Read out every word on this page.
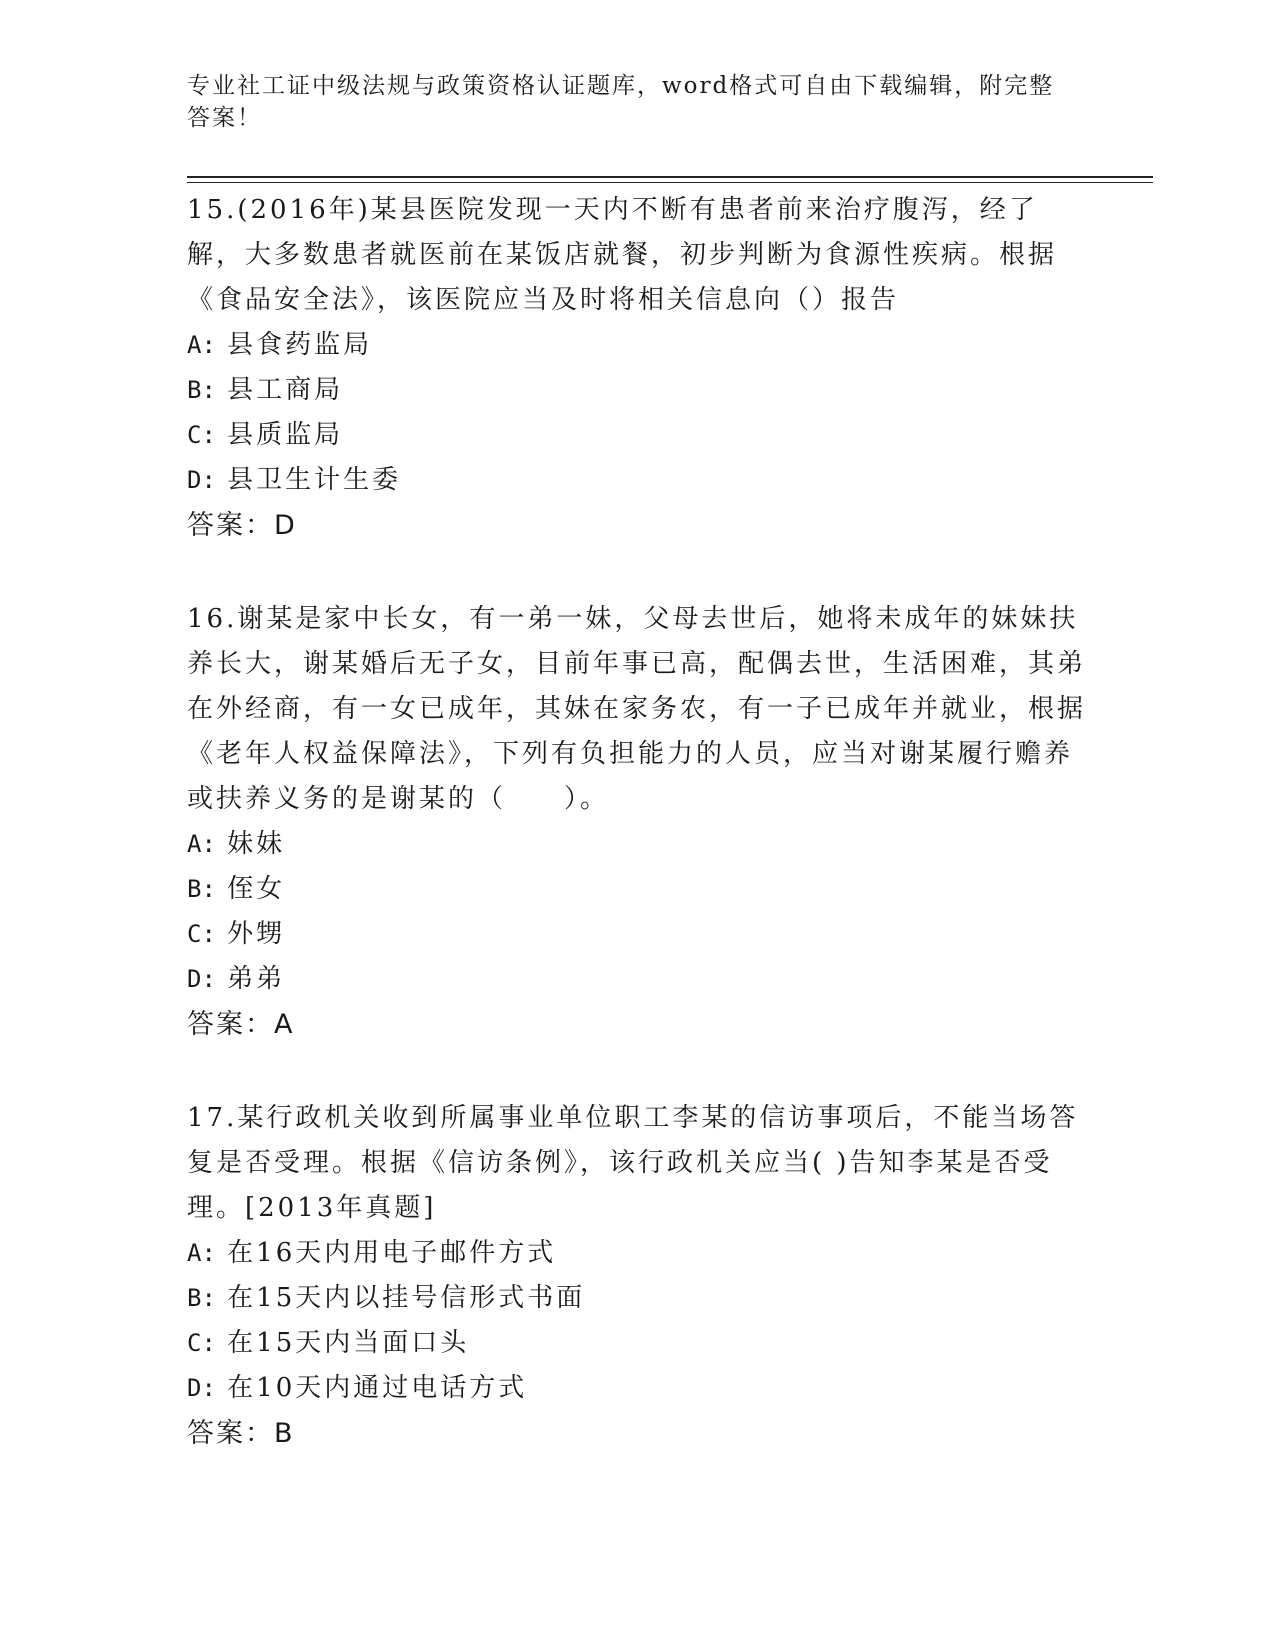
专业社工证中级法规与政策资格认证题库，word格式可自由下载编辑，附完整答案！

15.(2016年)某县医院发现一天内不断有患者前来治疗腹泻，经了解，大多数患者就医前在某饭店就餐，初步判断为食源性疾病。根据《食品安全法》，该医院应当及时将相关信息向（）报告

A: 县食药监局

B: 县工商局

C: 县质监局

D: 县卫生计生委

答案：D

16.谢某是家中长女，有一弟一妹，父母去世后，她将未成年的妹妹扶养长大，谢某婚后无子女，目前年事已高，配偶去世，生活困难，其弟在外经商，有一女已成年，其妹在家务农，有一子已成年并就业，根据《老年人权益保障法》，下列有负担能力的人员，应当对谢某履行赡养或扶养义务的是谢某的（　　）。

A: 妹妹

B: 侄女

C: 外甥

D: 弟弟

答案：A

17.某行政机关收到所属事业单位职工李某的信访事项后，不能当场答复是否受理。根据《信访条例》，该行政机关应当( )告知李某是否受理。[2013年真题]

A: 在16天内用电子邮件方式

B: 在15天内以挂号信形式书面

C: 在15天内当面口头

D: 在10天内通过电话方式

答案：B
